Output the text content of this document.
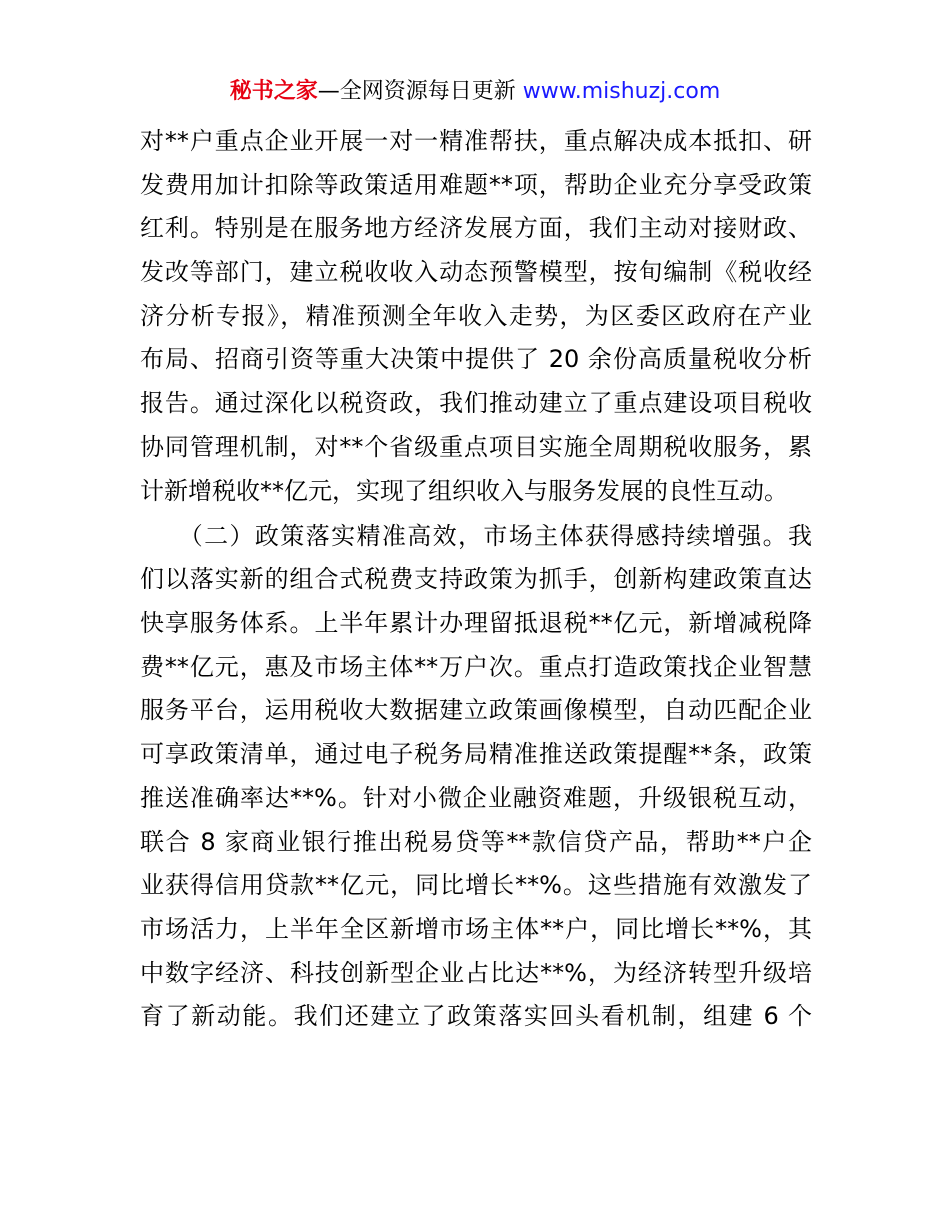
秘书之家—全网资源每日更新 www.mishuzj.com
对**户重点企业开展一对一精准帮扶，重点解决成本抵扣、研
发费用加计扣除等政策适用难题**项，帮助企业充分享受政策
红利。特别是在服务地方经济发展方面，我们主动对接财政、
发改等部门，建立税收收入动态预警模型，按旬编制《税收经
济分析专报》，精准预测全年收入走势，为区委区政府在产业
布局、招商引资等重大决策中提供了 20 余份高质量税收分析
报告。通过深化以税资政，我们推动建立了重点建设项目税收
协同管理机制，对**个省级重点项目实施全周期税收服务，累
计新增税收**亿元，实现了组织收入与服务发展的良性互动。
　　（二）政策落实精准高效，市场主体获得感持续增强。我
们以落实新的组合式税费支持政策为抓手，创新构建政策直达
快享服务体系。上半年累计办理留抵退税**亿元，新增减税降
费**亿元，惠及市场主体**万户次。重点打造政策找企业智慧
服务平台，运用税收大数据建立政策画像模型，自动匹配企业
可享政策清单，通过电子税务局精准推送政策提醒**条，政策
推送准确率达**%。针对小微企业融资难题，升级银税互动，
联合 8 家商业银行推出税易贷等**款信贷产品，帮助**户企
业获得信用贷款**亿元，同比增长**%。这些措施有效激发了
市场活力，上半年全区新增市场主体**户，同比增长**%，其
中数字经济、科技创新型企业占比达**%，为经济转型升级培
育了新动能。我们还建立了政策落实回头看机制，组建 6 个
